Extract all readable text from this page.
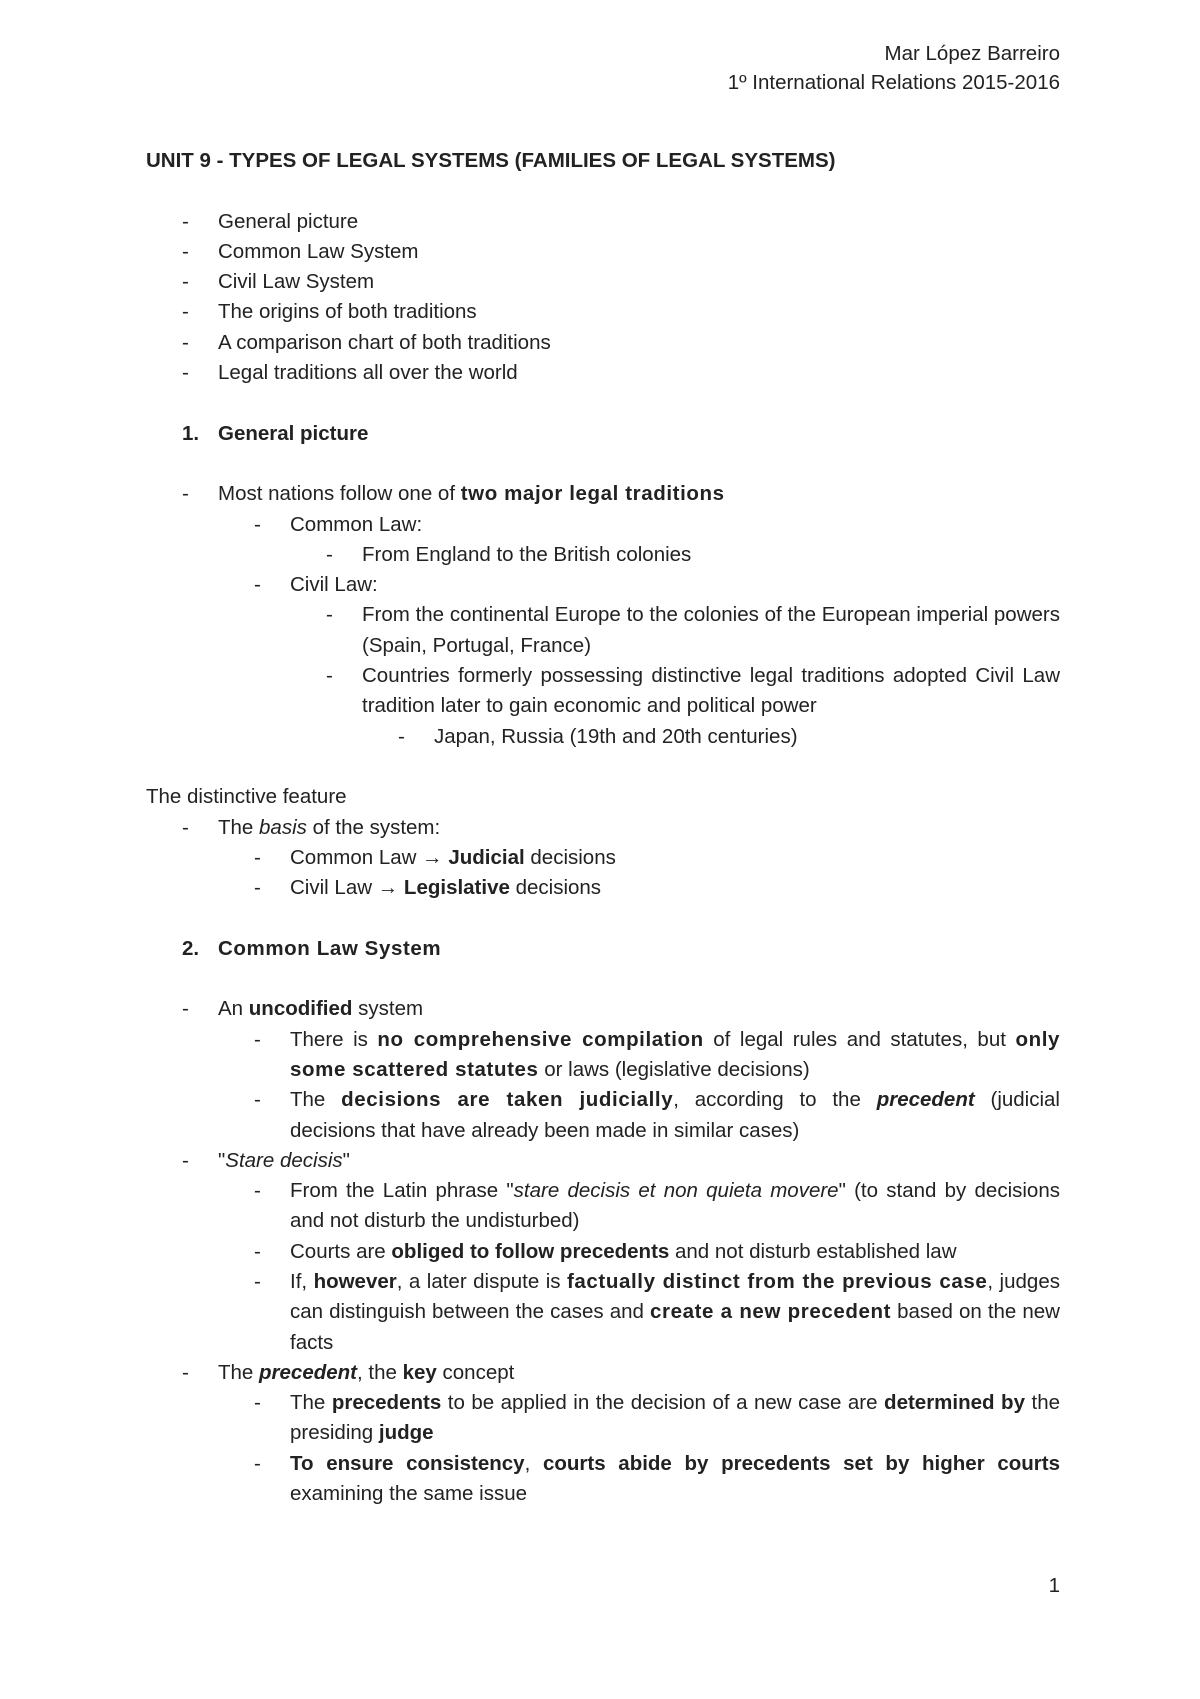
Mar López Barreiro
1º International Relations 2015-2016

UNIT 9 - TYPES OF LEGAL SYSTEMS (FAMILIES OF LEGAL SYSTEMS)

- General picture
- Common Law System
- Civil Law System
- The origins of both traditions
- A comparison chart of both traditions
- Legal traditions all over the world
1. General picture
- Most nations follow one of two major legal traditions
- Common Law:
- From England to the British colonies
- Civil Law:
- From the continental Europe to the colonies of the European imperial powers (Spain, Portugal, France)
- Countries formerly possessing distinctive legal traditions adopted Civil Law tradition later to gain economic and political power
- Japan, Russia (19th and 20th centuries)

The distinctive feature

- The basis of the system:
- Common Law → Judicial decisions
- Civil Law → Legislative decisions
2. Common Law System
- An uncodified system
- There is no comprehensive compilation of legal rules and statutes, but only some scattered statutes or laws (legislative decisions)
- The decisions are taken judicially, according to the precedent (judicial decisions that have already been made in similar cases)
- "Stare decisis"
- From the Latin phrase "stare decisis et non quieta movere" (to stand by decisions and not disturb the undisturbed)
- Courts are obliged to follow precedents and not disturb established law
- If, however, a later dispute is factually distinct from the previous case, judges can distinguish between the cases and create a new precedent based on the new facts
- The precedent, the key concept
- The precedents to be applied in the decision of a new case are determined by the presiding judge
- To ensure consistency, courts abide by precedents set by higher courts examining the same issue
1
